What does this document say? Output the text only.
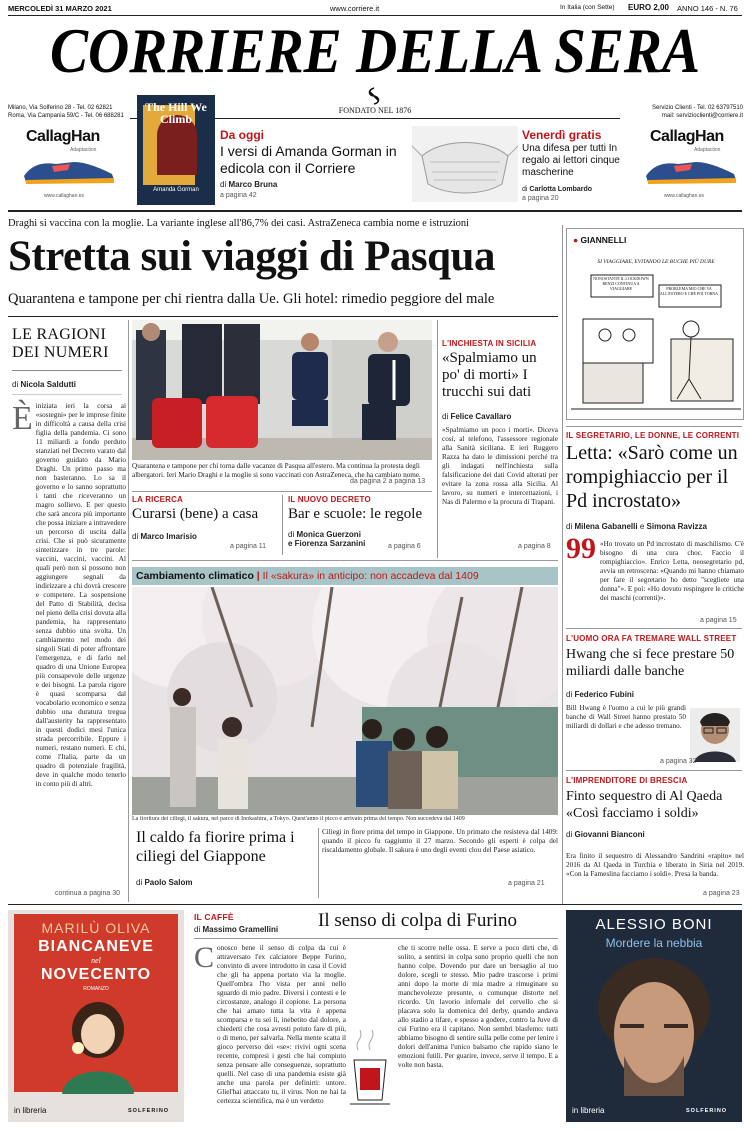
MERCOLEDÌ 31 MARZO 2021	www.corriere.it	In Italia (con Sette) EURO 2,00 ANNO 146 - N. 76
CORRIERE DELLA SERA
Milano, Via Solferino 28 - Tel. 02 62821
Roma, Via Campania 59/C - Tel. 06 688281
Servizio Clienti - Tel. 02 63797510
mail: servizioclienti@corriere.it
FONDATO NEL 1876
CallagHan
Adaptaction
www.callaghan.es
The Hill We Climb
Amanda Gorman
Da oggi
I versi di Amanda Gorman in edicola con il Corriere
di Marco Bruna
a pagina 42
Venerdì gratis
Una difesa per tutti In regalo ai lettori cinque mascherine
di Carlotta Lombardo
a pagina 20
CallagHan
Adaptaction
www.callaghan.es
Draghi si vaccina con la moglie. La variante inglese all'86,7% dei casi. AstraZeneca cambia nome e istruzioni
Stretta sui viaggi di Pasqua
Quarantena e tampone per chi rientra dalla Ue. Gli hotel: rimedio peggiore del male
LE RAGIONI DEI NUMERI
di Nicola Saldutti
È iniziata ieri la corsa ai «sostegni» per le imprese finite in difficoltà a causa della crisi figlia della pandemia. Ci sono 11 miliardi a fondo perduto stanziati nel Decreto varato dal governo guidato da Mario Draghi. Un primo passo ma non basteranno. Lo sa il governo e lo sanno soprattutto i tanti che riceveranno un magro sollievo. E per questo che sarà ancora più importante che possa iniziare a intravedere un percorso di uscita dalla crisi. Che si può sicuramente sintetizzare in tre parole: vaccini, vaccini, vaccini. Al quali però non si possono non aggiungere segnali da indirizzare a chi dovrà crescere e competere. La sospensione del Patto di Stabilità, decisa nel pieno della crisi dovuta alla pandemia, ha rappresentato senza dubbio una svolta. Un cambiamento nel modo dei singoli Stati di poter affrontare l'emergenza, e di farlo nel quadro di una Unione Europea più consapevole delle urgenze e dei bisogni. La parola rigore è quasi scomparsa dal vocabolario economico e senza dubbio una duratura tregua dall'austerity ha rappresentato in questi dodici mesi l'unica strada percorribile. Eppure i numeri, restano numeri. E chi, come l'Italia, parte da un quadro di potenziale fragilità, deve in qualche modo tenerlo in conto più di altri.
continua a pagina 30
Quarantena e tampone per chi torna dalle vacanze di Pasqua all'estero. Ma continua la protesta degli albergatori. Ieri Mario Draghi e la moglie si sono vaccinati con AstraZeneca, che ha cambiato nome.
da pagina 2 a pagina 13
LA RICERCA
Curarsi (bene) a casa
di Marco Imarisio
a pagina 11
IL NUOVO DECRETO
Bar e scuole: le regole
di Monica Guerzoni
e Fiorenza Sarzanini	a pagina 6
L'INCHIESTA IN SICILIA
«Spalmiamo un po' di morti» I trucchi sui dati
di Felice Cavallaro
«Spalmiamo un poco i morti». Diceva così, al telefono, l'assessore regionale alla Sanità siciliana. E ieri Ruggero Razza ha dato le dimissioni perché tra gli indagati nell'inchiesta sulla falsificazione dei dati Covid alterati per evitare la zona rossa alla Sicilia. Al lavoro, su numeri e intercettazioni, i Nas di Palermo e la procura di Trapani.
a pagina 8
Cambiamento climatico | Il «sakura» in anticipo: non accadeva dal 1409
La fioritura dei ciliegi, il sakura, nel parco di Inokashira, a Tokyo. Quest'anno il picco è arrivato prima del tempo. Non succedeva dal 1409
Il caldo fa fiorire prima i ciliegi del Giappone
di Paolo Salom
Ciliegi in fiore prima del tempo in Giappone. Un primato che resisteva dal 1409: quando il picco fu raggiunto il 27 marzo. Secondo gli esperti è colpa del riscaldamento globale. Il sakura è uno degli eventi clou del Paese asiatico.
a pagina 21
● GIANNELLI
SI VIAGGIARE, EVITANDO LE BUCHE PIÙ DURE
NONOSTANTE IL LOCKDOWN RENZI CONTINUA A VIAGGIARE	PROBLEMA MIO CHE VA ALL'ESTERO E CHE POI TORNA
IL SEGRETARIO, LE DONNE, LE CORRENTI
Letta: «Sarò come un rompighiaccio per il Pd incrostato»
di Milena Gabanelli e Simona Ravizza
99 «Ho trovato un Pd incrostato di maschilismo. C'è bisogno di una cura choc. Faccio il rompighiaccio». Enrico Letta, neosegretario pd, avvia un retroscena: «Quando mi hanno chiamato per fare il segretario ho detto "scegliete una donna"». E poi: «Ho dovuto respingere le critiche dei maschi (correnti)».
a pagina 15
L'UOMO ORA FA TREMARE WALL STREET
Hwang che si fece prestare 50 miliardi dalle banche
di Federico Fubini
Bill Hwang è l'uomo a cui le più grandi banche di Wall Street hanno prestato 50 miliardi di dollari e che adesso tremano.
a pagina 32
L'IMPRENDITORE DI BRESCIA
Finto sequestro di Al Qaeda «Così facciamo i soldi»
di Giovanni Bianconi
Era finito il sequestro di Alessandro Sandrini «rapito» nel 2016 da Al Qaeda in Turchia e liberato in Siria nel 2019. «Con la Fameslina facciamo i soldi». Presa la banda.
a pagina 23
MARILÙ OLIVA
BIANCANEVE
nel
NOVECENTO
ROMANZO
in libreria	SOLFERINO
IL CAFFÈ
di Massimo Gramellini Il senso di colpa di Furino
C onosco bene il senso di colpa da cui è attraversato l'ex calciatore Beppe Furino, convinto di avere introdotto in casa il Covid che gli ha appena portato via la moglie. Quell'ombra l'ho vista per anni nello sguardo di mio padre. Diversi i contesti e le circostanze, analogo il copione. La persona che hai amato tutta la vita è appena scomparsa e tu sei lì, inebetito dal dolore, a chiederti che cosa avresti potuto fare di più, o di meno, per salvarla. Nella mente scatta il gioco perverso dei «se»: rivivi ogni scena recente, compresi i gesti che hai compiuto senza pensare alle conseguenze, soprattutto quelli. Nel caso di una pandemia esiste già anche una parola per definirti: untore. Gliel'hai attaccato tu, il virus. Non ne hai la certezza scientifica, ma è un verdetto
che ti scorre nelle ossa. E serve a poco dirti che, di solito, a sentirsi in colpa sono proprio quelli che non hanno colpe. Dovendo pur dare un bersaglio al tuo dolore, scegli te stesso. Mio padre trascorse i primi anni dopo la morte di mia madre a rimuginare su manchevolezze presunte, o comunque distorte nel ricordo. Un lavorio infernale del cervello che si placava solo la domenica del derby, quando andava allo stadio a tifare, e spesso a godere, contro la Juve di cui Furino era il capitano. Non sembri blasfemo: tutti abbiamo bisogno di sentire sulla pelle come per lenire i dolori dell'anima l'unico balsamo che rapido siano le emozioni futili. Per guarire, invece, serve il tempo. E a volte non basta.
ALESSIO BONI
Mordere la nebbia
in libreria	SOLFERINO
